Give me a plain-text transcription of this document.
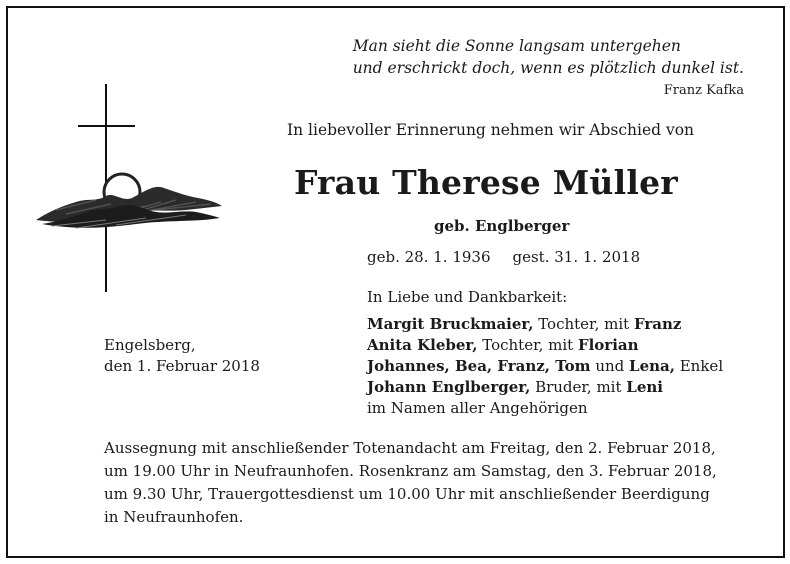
Man sieht die Sonne langsam untergehen
und erschrickt doch, wenn es plötzlich dunkel ist.
Franz Kafka
In liebevoller Erinnerung nehmen wir Abschied von
Frau Therese Müller
geb. Englberger
geb. 28. 1. 1936 gest. 31. 1. 2018
In Liebe und Dankbarkeit:
Margit Bruckmaier, Tochter, mit Franz
Anita Kleber, Tochter, mit Florian
Johannes, Bea, Franz, Tom und Lena, Enkel
Johann Englberger, Bruder, mit Leni
im Namen aller Angehörigen
Engelsberg,
den 1. Februar 2018
Aussegnung mit anschließender Totenandacht am Freitag, den 2. Februar 2018,
um 19.00 Uhr in Neufraunhofen. Rosenkranz am Samstag, den 3. Februar 2018,
um 9.30 Uhr, Trauergottesdienst um 10.00 Uhr mit anschließender Beerdigung
in Neufraunhofen.
